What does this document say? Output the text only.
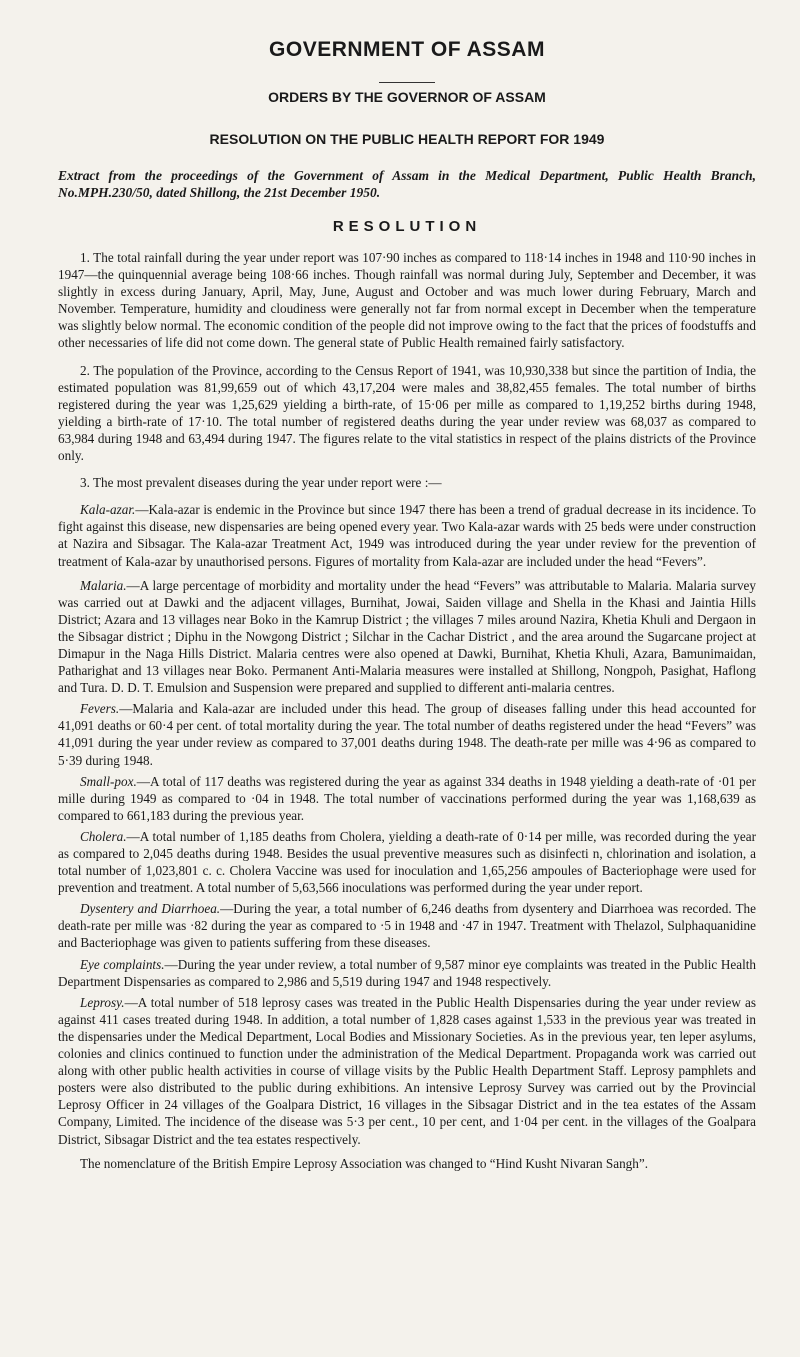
GOVERNMENT OF ASSAM
ORDERS BY THE GOVERNOR OF ASSAM
RESOLUTION ON THE PUBLIC HEALTH REPORT FOR 1949

Extract from the proceedings of the Government of Assam in the Medical Department, Public Health Branch, No.MPH.230/50, dated Shillong, the 21st December 1950.

RESOLUTION

1. The total rainfall during the year under report was 107·90 inches as compared to 118·14 inches in 1948 and 110·90 inches in 1947—the quinquennial average being 108·66 inches. Though rainfall was normal during July, September and December, it was slightly in excess during January, April, May, June, August and October and was much lower during February, March and November. Temperature, humidity and cloudiness were generally not far from normal except in December when the temperature was slightly below normal. The economic condition of the people did not improve owing to the fact that the prices of foodstuffs and other necessaries of life did not come down. The general state of Public Health remained fairly satisfactory.

2. The population of the Province, according to the Census Report of 1941, was 10,930,338 but since the partition of India, the estimated population was 81,99,659 out of which 43,17,204 were males and 38,82,455 females. The total number of births registered during the year was 1,25,629 yielding a birth-rate, of 15·06 per mille as compared to 1,19,252 births during 1948, yielding a birth-rate of 17·10. The total number of registered deaths during the year under review was 68,037 as compared to 63,984 during 1948 and 63,494 during 1947. The figures relate to the vital statistics in respect of the plains districts of the Province only.

3. The most prevalent diseases during the year under report were :—

Kala-azar.—Kala-azar is endemic in the Province but since 1947 there has been a trend of gradual decrease in its incidence. To fight against this disease, new dispensaries are being opened every year. Two Kala-azar wards with 25 beds were under construction at Nazira and Sibsagar. The Kala-azar Treatment Act, 1949 was introduced during the year under review for the prevention of treatment of Kala-azar by unauthorised persons. Figures of mortality from Kala-azar are included under the head “Fevers”.

Malaria.—A large percentage of morbidity and mortality under the head “Fevers” was attributable to Malaria. Malaria survey was carried out at Dawki and the adjacent villages, Burnihat, Jowai, Saiden village and Shella in the Khasi and Jaintia Hills District; Azara and 13 villages near Boko in the Kamrup District ; the villages 7 miles around Nazira, Khetia Khuli and Dergaon in the Sibsagar district ; Diphu in the Nowgong District ; Silchar in the Cachar District , and the area around the Sugarcane project at Dimapur in the Naga Hills District. Malaria centres were also opened at Dawki, Burnihat, Khetia Khuli, Azara, Bamunimaidan, Patharighat and 13 villages near Boko. Permanent Anti-Malaria measures were installed at Shillong, Nongpoh, Pasighat, Haflong and Tura. D. D. T. Emulsion and Suspension were prepared and supplied to different anti-malaria centres.

Fevers.—Malaria and Kala-azar are included under this head. The group of diseases falling under this head accounted for 41,091 deaths or 60·4 per cent. of total mortality during the year. The total number of deaths registered under the head “Fevers” was 41,091 during the year under review as compared to 37,001 deaths during 1948. The death-rate per mille was 4·96 as compared to 5·39 during 1948.

Small-pox.—A total of 117 deaths was registered during the year as against 334 deaths in 1948 yielding a death-rate of ·01 per mille during 1949 as compared to ·04 in 1948. The total number of vaccinations performed during the year was 1,168,639 as compared to 661,183 during the previous year.

Cholera.—A total number of 1,185 deaths from Cholera, yielding a death-rate of 0·14 per mille, was recorded during the year as compared to 2,045 deaths during 1948. Besides the usual preventive measures such as disinfecti n, chlorination and isolation, a total number of 1,023,801 c. c. Cholera Vaccine was used for inoculation and 1,65,256 ampoules of Bacteriophage were used for prevention and treatment. A total number of 5,63,566 inoculations was performed during the year under report.

Dysentery and Diarrhoea.—During the year, a total number of 6,246 deaths from dysentery and Diarrhoea was recorded. The death-rate per mille was ·82 during the year as compared to ·5 in 1948 and ·47 in 1947. Treatment with Thelazol, Sulphaquanidine and Bacteriophage was given to patients suffering from these diseases.

Eye complaints.—During the year under review, a total number of 9,587 minor eye complaints was treated in the Public Health Department Dispensaries as compared to 2,986 and 5,519 during 1947 and 1948 respectively.

Leprosy.—A total number of 518 leprosy cases was treated in the Public Health Dispensaries during the year under review as against 411 cases treated during 1948. In addition, a total number of 1,828 cases against 1,533 in the previous year was treated in the dispensaries under the Medical Department, Local Bodies and Missionary Societies. As in the previous year, ten leper asylums, colonies and clinics continued to function under the administration of the Medical Department. Propaganda work was carried out along with other public health activities in course of village visits by the Public Health Department Staff. Leprosy pamphlets and posters were also distributed to the public during exhibitions. An intensive Leprosy Survey was carried out by the Provincial Leprosy Officer in 24 villages of the Goalpara District, 16 villages in the Sibsagar District and in the tea estates of the Assam Company, Limited. The incidence of the disease was 5·3 per cent., 10 per cent, and 1·04 per cent. in the villages of the Goalpara District, Sibsagar District and the tea estates respectively.

The nomenclature of the British Empire Leprosy Association was changed to “Hind Kusht Nivaran Sangh”.
